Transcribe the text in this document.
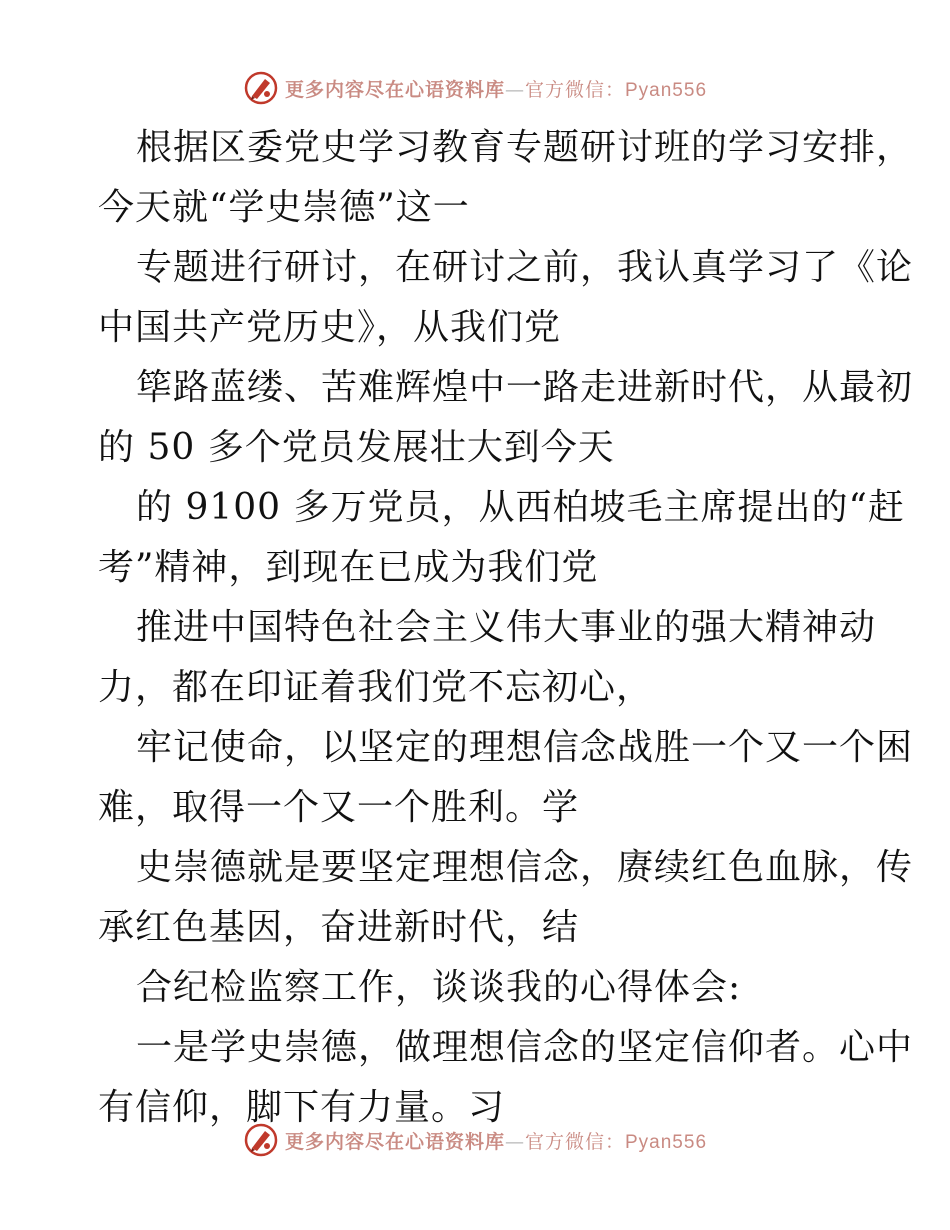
更多内容尽在心语资料库—官方微信：Pyan556
根据区委党史学习教育专题研讨班的学习安排，
今天就“学史崇德”这一
专题进行研讨，在研讨之前，我认真学习了《论
中国共产党历史》，从我们党
筚路蓝缕、苦难辉煌中一路走进新时代，从最初
的 50 多个党员发展壮大到今天
的 9100 多万党员，从西柏坡毛主席提出的“赶
考”精神，到现在已成为我们党
推进中国特色社会主义伟大事业的强大精神动
力，都在印证着我们党不忘初心，
牢记使命，以坚定的理想信念战胜一个又一个困
难，取得一个又一个胜利。学
史崇德就是要坚定理想信念，赓续红色血脉，传
承红色基因，奋进新时代，结
合纪检监察工作，谈谈我的心得体会:
一是学史崇德，做理想信念的坚定信仰者。心中
有信仰，脚下有力量。习
更多内容尽在心语资料库—官方微信：Pyan556
